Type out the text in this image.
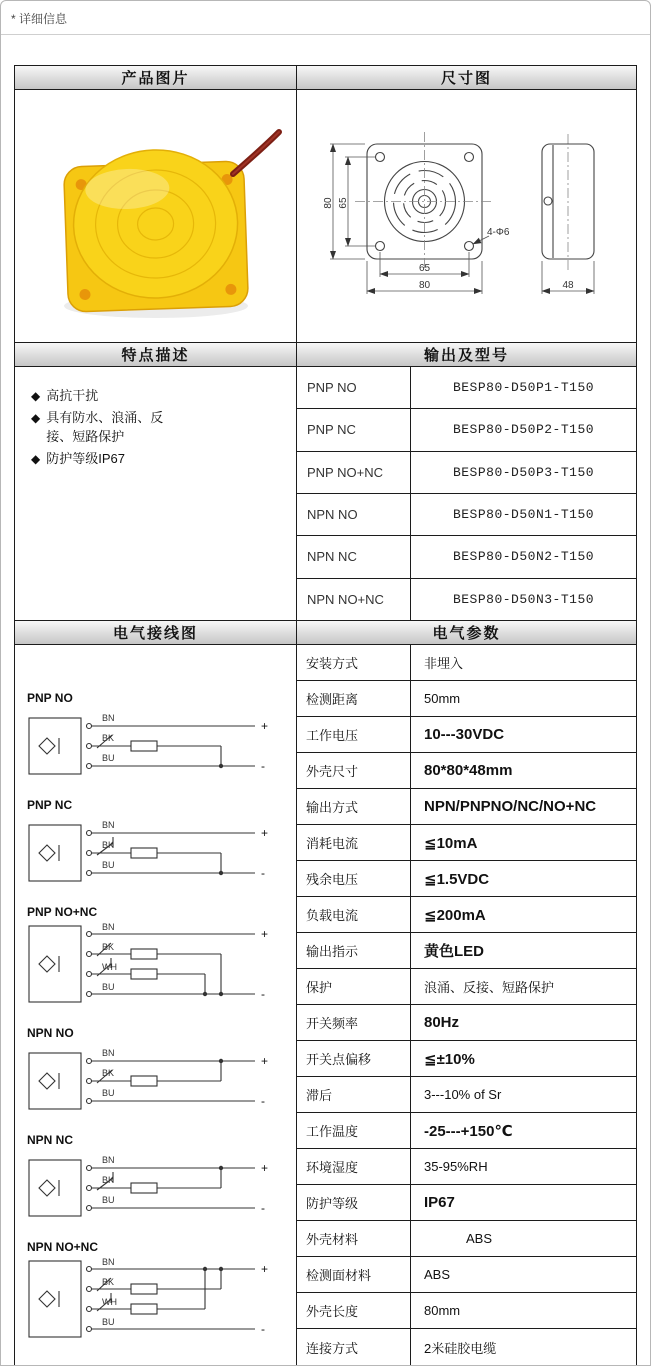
* 详细信息
产品图片	尺寸图
80 65
65
80
4-Φ6
48
特点描述	输出及型号
◆ 高抗干扰
◆ 具有防水、浪涌、反接、短路保护
◆ 防护等级IP67
PNP NO	BESP80-D50P1-T150
PNP NC	BESP80-D50P2-T150
PNP NO+NC	BESP80-D50P3-T150
NPN NO	BESP80-D50N1-T150
NPN NC	BESP80-D50N2-T150
NPN NO+NC	BESP80-D50N3-T150
电气接线图	电气参数
PNP NO
BN
BK
BU
+
-
PNP NC
BN
BK
BU
+
-
PNP NO+NC
BN
BK
WH
BU
+
-
NPN NO
BN
BK
BU
+
-
NPN NC
BN
BK
BU
+
-
NPN NO+NC
BN
BK
WH
BU
+
-
安装方式	非埋入
检测距离	50mm
工作电压	10---30VDC
外壳尺寸	80*80*48mm
输出方式	NPN/PNPNO/NC/NO+NC
消耗电流	≦10mA
残余电压	≦1.5VDC
负载电流	≦200mA
输出指示	黄色LED
保护	浪涌、反接、短路保护
开关频率	80Hz
开关点偏移	≦±10%
滞后	3---10% of Sr
工作温度	-25---+150℃
环境湿度	35-95%RH
防护等级	IP67
外壳材料	ABS
检测面材料	ABS
外壳长度	80mm
连接方式	2米硅胶电缆
